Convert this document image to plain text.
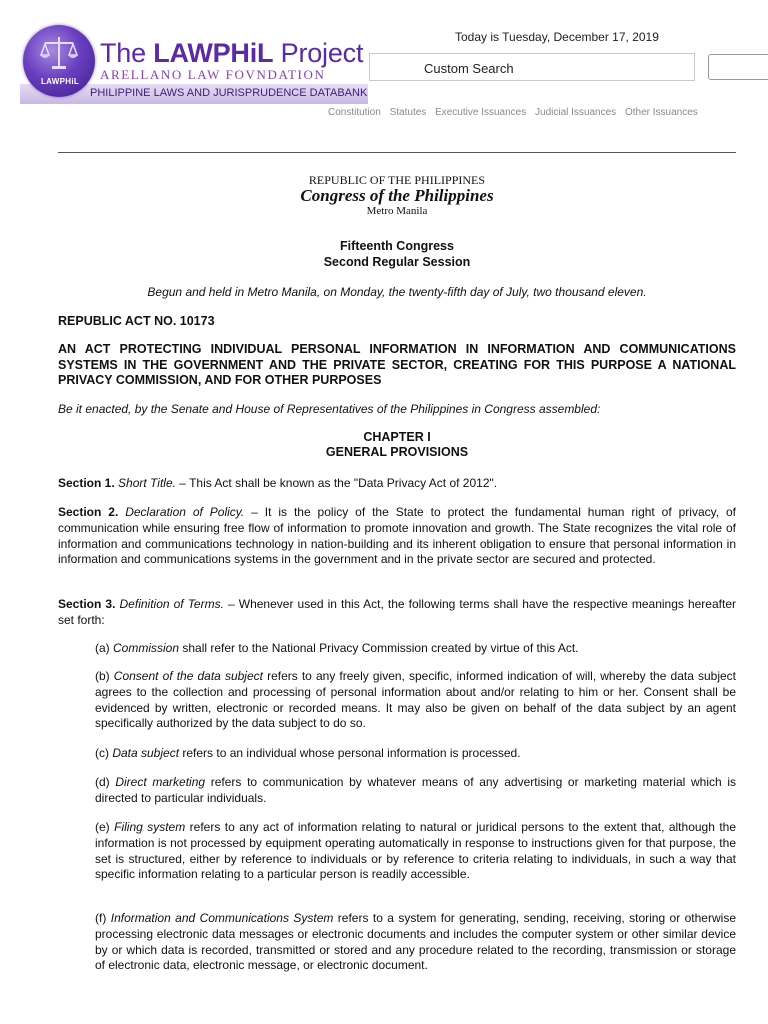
PHILIPPINE LAWS AND JURISPRUDENCE DATABANK
LAWPHiL
The LAWPHiL Project
ARELLANO LAW FOVNDATION
Today is Tuesday, December 17, 2019
Custom Search
Constitution Statutes Executive Issuances Judicial Issuances Other Issuances
REPUBLIC OF THE PHILIPPINES
Congress of the Philippines
Metro Manila
Fifteenth Congress
Second Regular Session
Begun and held in Metro Manila, on Monday, the twenty-fifth day of July, two thousand eleven.
REPUBLIC ACT NO. 10173
AN ACT PROTECTING INDIVIDUAL PERSONAL INFORMATION IN INFORMATION AND COMMUNICATIONS SYSTEMS IN THE GOVERNMENT AND THE PRIVATE SECTOR, CREATING FOR THIS PURPOSE A NATIONAL PRIVACY COMMISSION, AND FOR OTHER PURPOSES
Be it enacted, by the Senate and House of Representatives of the Philippines in Congress assembled:
CHAPTER I
GENERAL PROVISIONS
Section 1. Short Title. – This Act shall be known as the "Data Privacy Act of 2012".
Section 2. Declaration of Policy. – It is the policy of the State to protect the fundamental human right of privacy, of communication while ensuring free flow of information to promote innovation and growth. The State recognizes the vital role of information and communications technology in nation-building and its inherent obligation to ensure that personal information in information and communications systems in the government and in the private sector are secured and protected.
Section 3. Definition of Terms. – Whenever used in this Act, the following terms shall have the respective meanings hereafter set forth:
(a) Commission shall refer to the National Privacy Commission created by virtue of this Act.
(b) Consent of the data subject refers to any freely given, specific, informed indication of will, whereby the data subject agrees to the collection and processing of personal information about and/or relating to him or her. Consent shall be evidenced by written, electronic or recorded means. It may also be given on behalf of the data subject by an agent specifically authorized by the data subject to do so.
(c) Data subject refers to an individual whose personal information is processed.
(d) Direct marketing refers to communication by whatever means of any advertising or marketing material which is directed to particular individuals.
(e) Filing system refers to any act of information relating to natural or juridical persons to the extent that, although the information is not processed by equipment operating automatically in response to instructions given for that purpose, the set is structured, either by reference to individuals or by reference to criteria relating to individuals, in such a way that specific information relating to a particular person is readily accessible.
(f) Information and Communications System refers to a system for generating, sending, receiving, storing or otherwise processing electronic data messages or electronic documents and includes the computer system or other similar device by or which data is recorded, transmitted or stored and any procedure related to the recording, transmission or storage of electronic data, electronic message, or electronic document.
